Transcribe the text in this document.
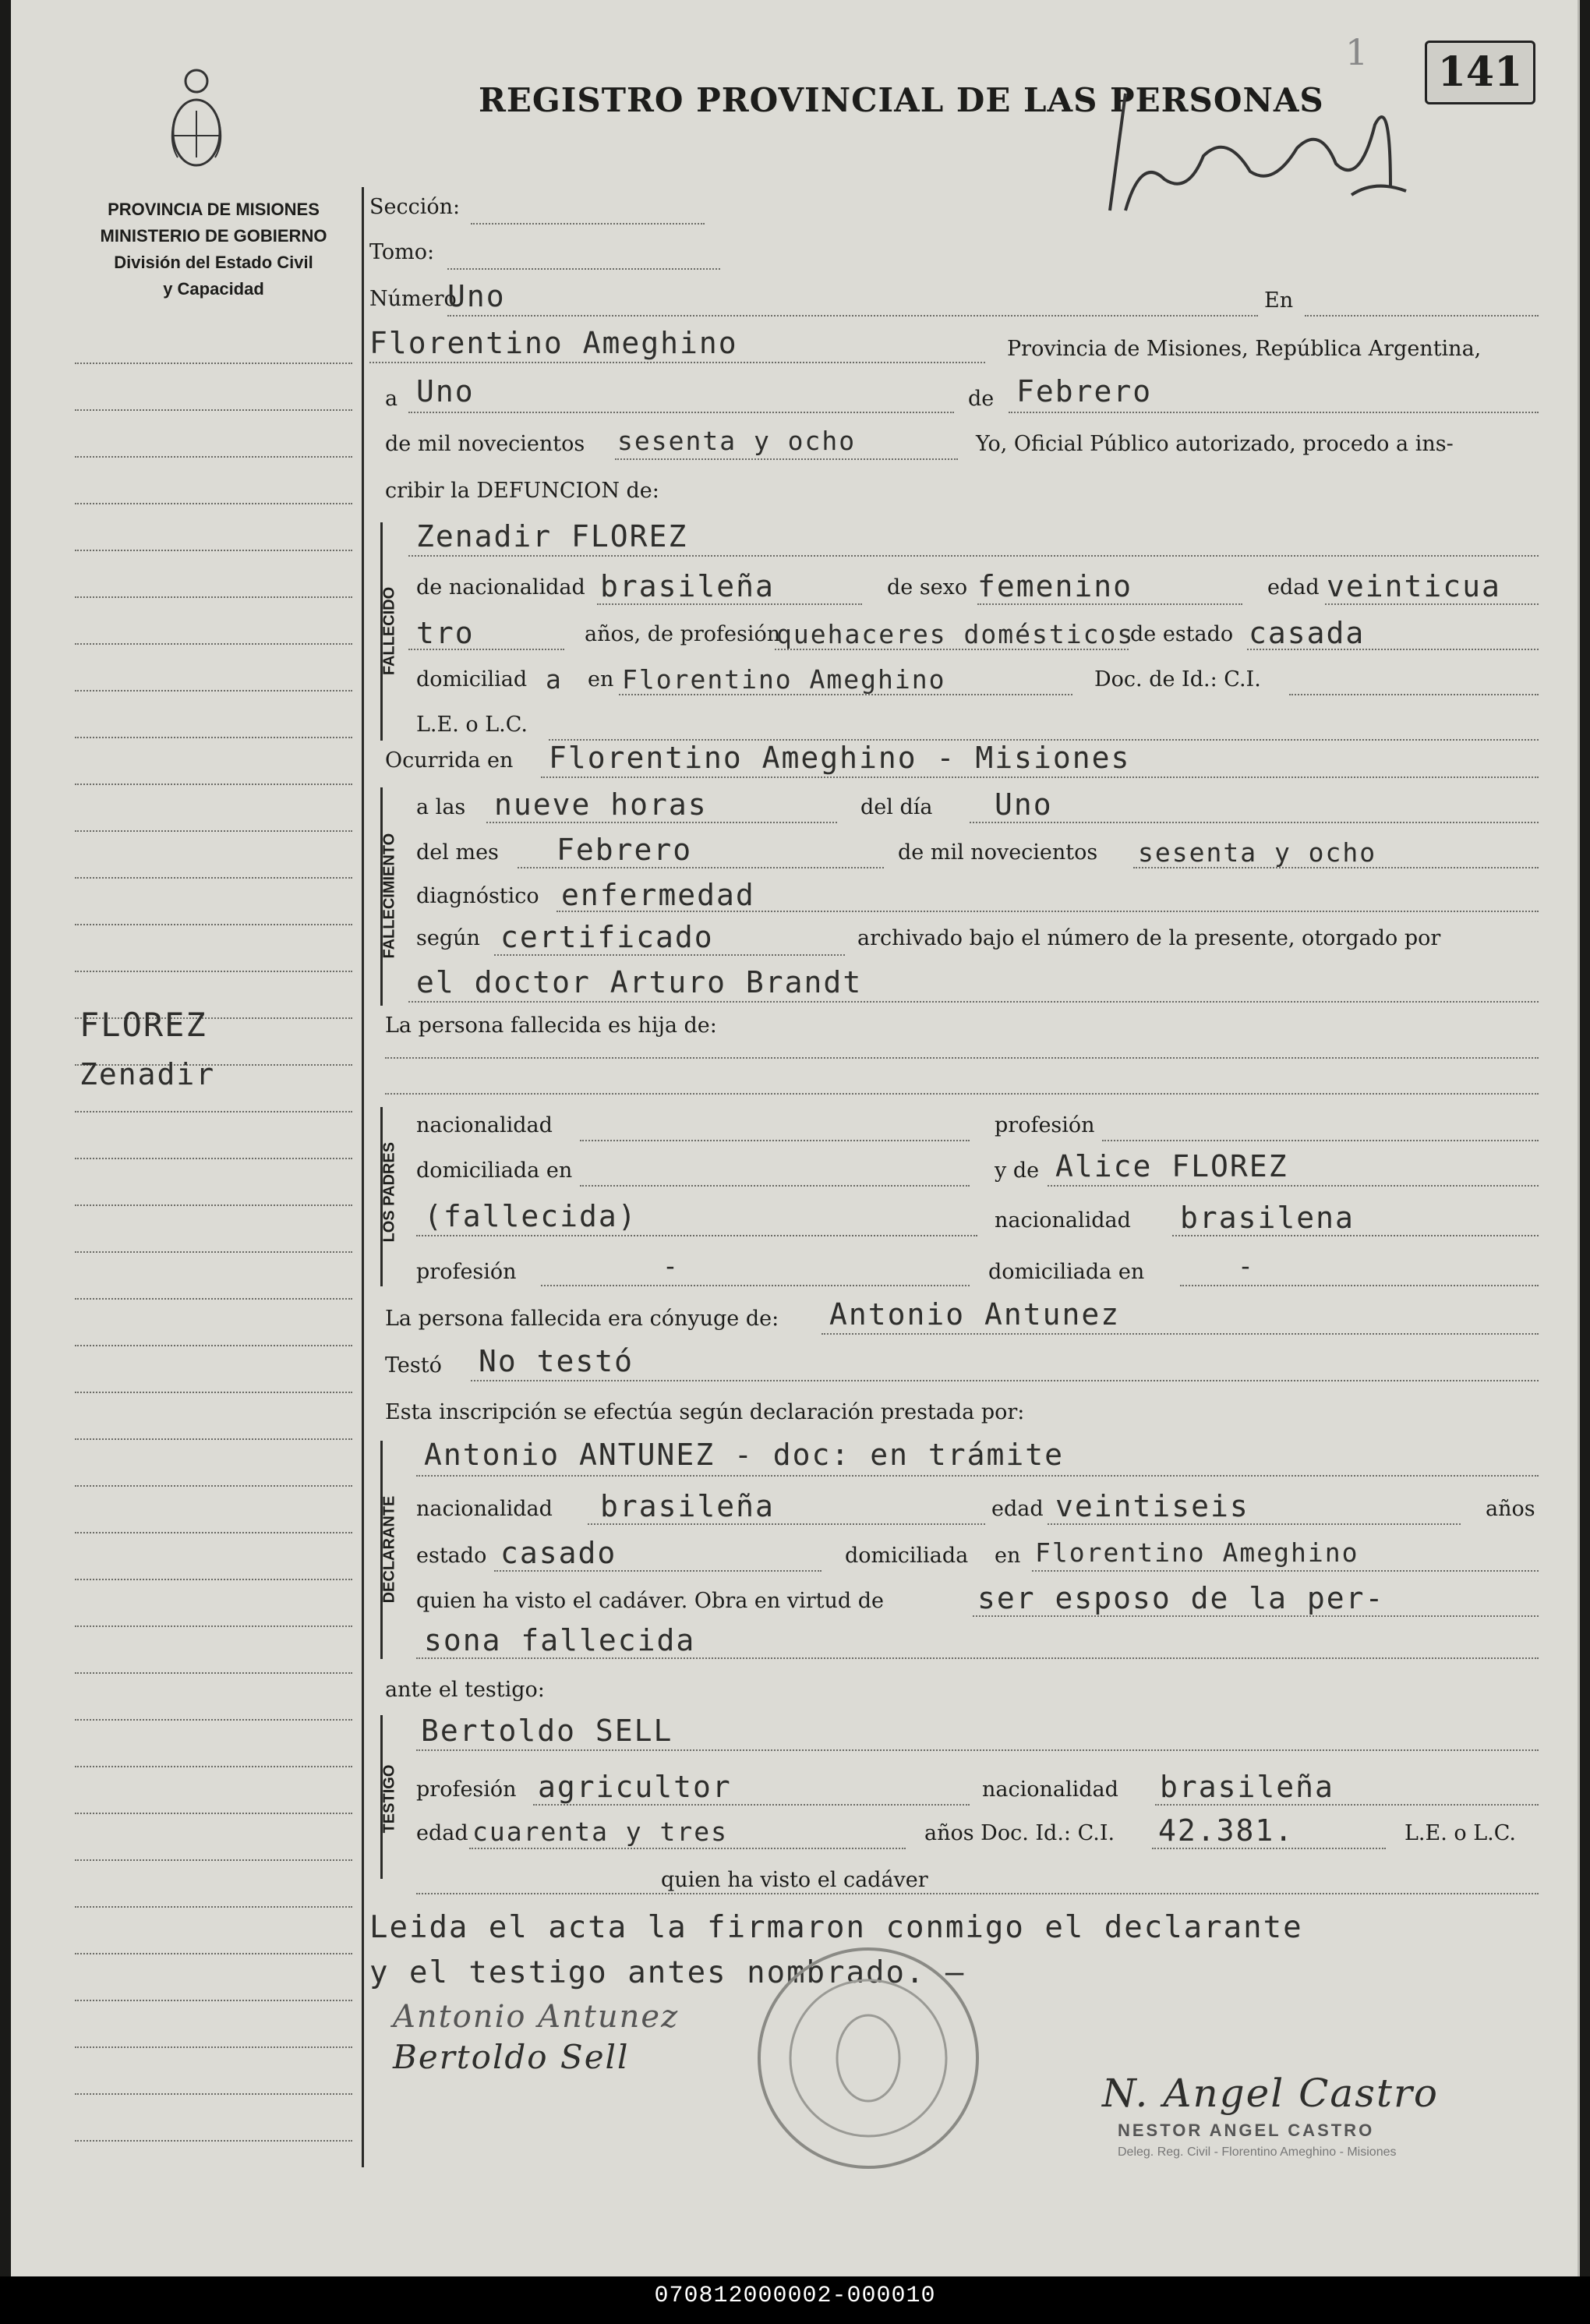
PROVINCIA DE MISIONES
MINISTERIO DE GOBIERNO
División del Estado Civil
y Capacidad
FLOREZ
Zenadir
REGISTRO PROVINCIAL DE LAS PERSONAS
1	141
Sección:
Tomo:
Número
Uno	En
Florentino Ameghino	Provincia de Misiones, República Argentina,
a Uno	de Febrero
de mil novecientos sesenta y ocho	Yo, Oficial Público autorizado, procedo a ins-
cribir la DEFUNCION de:
FALLECIDO
Zenadir FLOREZ
de nacionalidad brasileña	de sexo femenino	edad veinticua
tro	años, de profesión
quehaceres domésticos
de estado casada
domiciliad a en Florentino Ameghino	Doc. de Id.: C.I.
L.E. o L.C.
Ocurrida en Florentino Ameghino - Misiones
FALLECIMIENTO
a las nueve horas	del día Uno
del mes Febrero	de mil novecientos sesenta y ocho
diagnóstico enfermedad
según certificado	archivado bajo el número de la presente, otorgado por
el doctor Arturo Brandt
La persona fallecida es hija de:
LOS PADRES
nacionalidad	profesión
domiciliada en	y de Alice FLOREZ
(fallecida)	nacionalidad brasilena
profesión	-	domiciliada en	-
La persona fallecida era cónyuge de: Antonio Antunez
Testó No testó
Esta inscripción se efectúa según declaración prestada por:
DECLARANTE
Antonio ANTUNEZ - doc: en trámite
nacionalidad brasileña	edad veintiseis	años
estado casado	domiciliada en Florentino Ameghino
quien ha visto el cadáver. Obra en virtud de	ser esposo de la per-
sona fallecida
ante el testigo:
TESTIGO
Bertoldo SELL
profesión agricultor	nacionalidad brasileña
edad cuarenta y tres	años Doc. Id.: C.I. 42.381.	L.E. o L.C.
quien ha visto el cadáver
Leida el acta la firmaron conmigo el declarante
y el testigo antes nombrado. —
Antonio Antunez
Bertoldo Sell
N. Angel Castro
NESTOR ANGEL CASTRO
Deleg. Reg. Civil - Florentino Ameghino - Misiones
070812000002-000010
